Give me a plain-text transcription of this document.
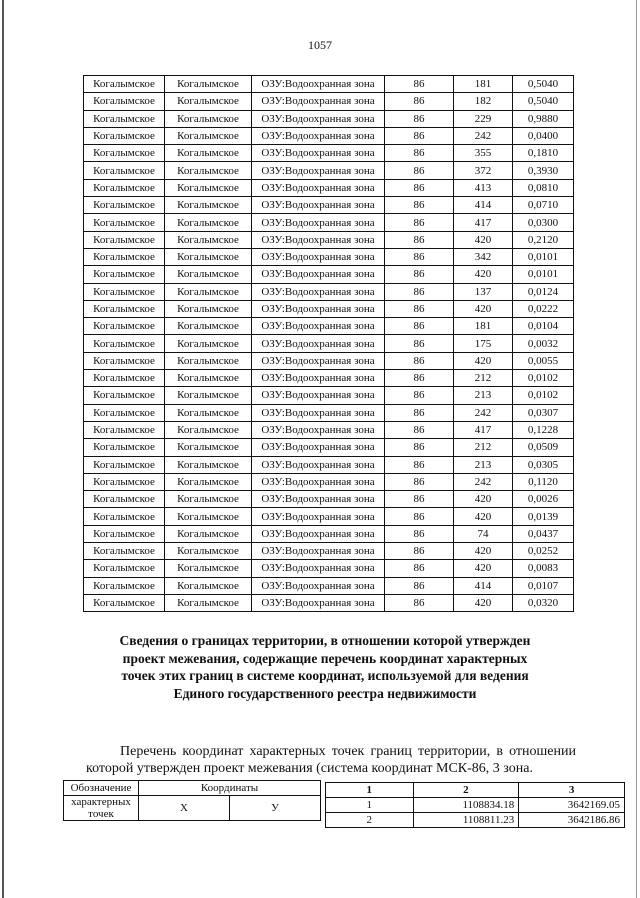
1057
Когалымское	Когалымское	ОЗУ:Водоохранная зона	86	181	0,5040
Когалымское	Когалымское	ОЗУ:Водоохранная зона	86	182	0,5040
Когалымское	Когалымское	ОЗУ:Водоохранная зона	86	229	0,9880
Когалымское	Когалымское	ОЗУ:Водоохранная зона	86	242	0,0400
Когалымское	Когалымское	ОЗУ:Водоохранная зона	86	355	0,1810
Когалымское	Когалымское	ОЗУ:Водоохранная зона	86	372	0,3930
Когалымское	Когалымское	ОЗУ:Водоохранная зона	86	413	0,0810
Когалымское	Когалымское	ОЗУ:Водоохранная зона	86	414	0,0710
Когалымское	Когалымское	ОЗУ:Водоохранная зона	86	417	0,0300
Когалымское	Когалымское	ОЗУ:Водоохранная зона	86	420	0,2120
Когалымское	Когалымское	ОЗУ:Водоохранная зона	86	342	0,0101
Когалымское	Когалымское	ОЗУ:Водоохранная зона	86	420	0,0101
Когалымское	Когалымское	ОЗУ:Водоохранная зона	86	137	0,0124
Когалымское	Когалымское	ОЗУ:Водоохранная зона	86	420	0,0222
Когалымское	Когалымское	ОЗУ:Водоохранная зона	86	181	0,0104
Когалымское	Когалымское	ОЗУ:Водоохранная зона	86	175	0,0032
Когалымское	Когалымское	ОЗУ:Водоохранная зона	86	420	0,0055
Когалымское	Когалымское	ОЗУ:Водоохранная зона	86	212	0,0102
Когалымское	Когалымское	ОЗУ:Водоохранная зона	86	213	0,0102
Когалымское	Когалымское	ОЗУ:Водоохранная зона	86	242	0,0307
Когалымское	Когалымское	ОЗУ:Водоохранная зона	86	417	0,1228
Когалымское	Когалымское	ОЗУ:Водоохранная зона	86	212	0,0509
Когалымское	Когалымское	ОЗУ:Водоохранная зона	86	213	0,0305
Когалымское	Когалымское	ОЗУ:Водоохранная зона	86	242	0,1120
Когалымское	Когалымское	ОЗУ:Водоохранная зона	86	420	0,0026
Когалымское	Когалымское	ОЗУ:Водоохранная зона	86	420	0,0139
Когалымское	Когалымское	ОЗУ:Водоохранная зона	86	74	0,0437
Когалымское	Когалымское	ОЗУ:Водоохранная зона	86	420	0,0252
Когалымское	Когалымское	ОЗУ:Водоохранная зона	86	420	0,0083
Когалымское	Когалымское	ОЗУ:Водоохранная зона	86	414	0,0107
Когалымское	Когалымское	ОЗУ:Водоохранная зона	86	420	0,0320
Сведения о границах территории, в отношении которой утвержден
проект межевания, содержащие перечень координат характерных
точек этих границ в системе координат, используемой для ведения
Единого государственного реестра недвижимости
Перечень координат характерных точек границ территории, в отношении которой утвержден проект межевания (система координат МСК-86, 3 зона.
Обозначение	Координаты	

характерных
точек	Х	У
1	2	3
1	1108834.18	3642169.05
2	1108811.23	3642186.86
